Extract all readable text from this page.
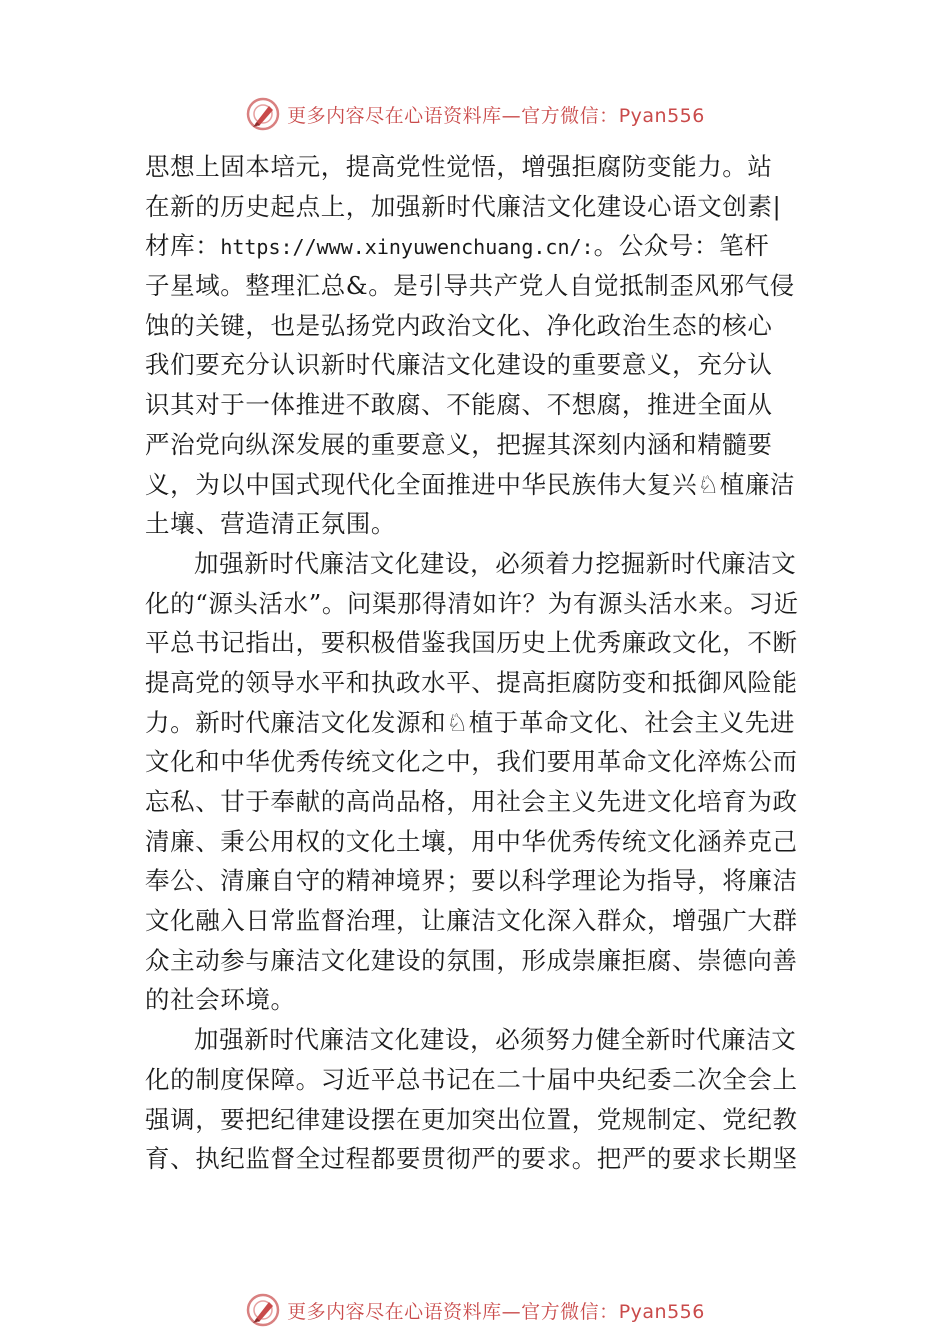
更多内容尽在心语资料库—官方微信：Pyan556
思想上固本培元，提高党性觉悟，增强拒腐防变能力。站
在新的历史起点上，加强新时代廉洁文化建设心语文创素|
材库：https://www.xinyuwenchuang.cn/:。公众号：笔杆
子星域。整理汇总&。是引导共产党人自觉抵制歪风邪气侵
蚀的关键，也是弘扬党内政治文化、净化政治生态的核心
我们要充分认识新时代廉洁文化建设的重要意义，充分认
识其对于一体推进不敢腐、不能腐、不想腐，推进全面从
严治党向纵深发展的重要意义，把握其深刻内涵和精髓要
义，为以中国式现代化全面推进中华民族伟大复兴♘植廉洁
土壤、营造清正氛围。
加强新时代廉洁文化建设，必须着力挖掘新时代廉洁文
化的“源头活水”。问渠那得清如许？为有源头活水来。习近
平总书记指出，要积极借鉴我国历史上优秀廉政文化，不断
提高党的领导水平和执政水平、提高拒腐防变和抵御风险能
力。新时代廉洁文化发源和♘植于革命文化、社会主义先进
文化和中华优秀传统文化之中，我们要用革命文化淬炼公而
忘私、甘于奉献的高尚品格，用社会主义先进文化培育为政
清廉、秉公用权的文化土壤，用中华优秀传统文化涵养克己
奉公、清廉自守的精神境界；要以科学理论为指导，将廉洁
文化融入日常监督治理，让廉洁文化深入群众，增强广大群
众主动参与廉洁文化建设的氛围，形成崇廉拒腐、崇德向善
的社会环境。
加强新时代廉洁文化建设，必须努力健全新时代廉洁文
化的制度保障。习近平总书记在二十届中央纪委二次全会上
强调，要把纪律建设摆在更加突出位置，党规制定、党纪教
育、执纪监督全过程都要贯彻严的要求。把严的要求长期坚
更多内容尽在心语资料库—官方微信：Pyan556
